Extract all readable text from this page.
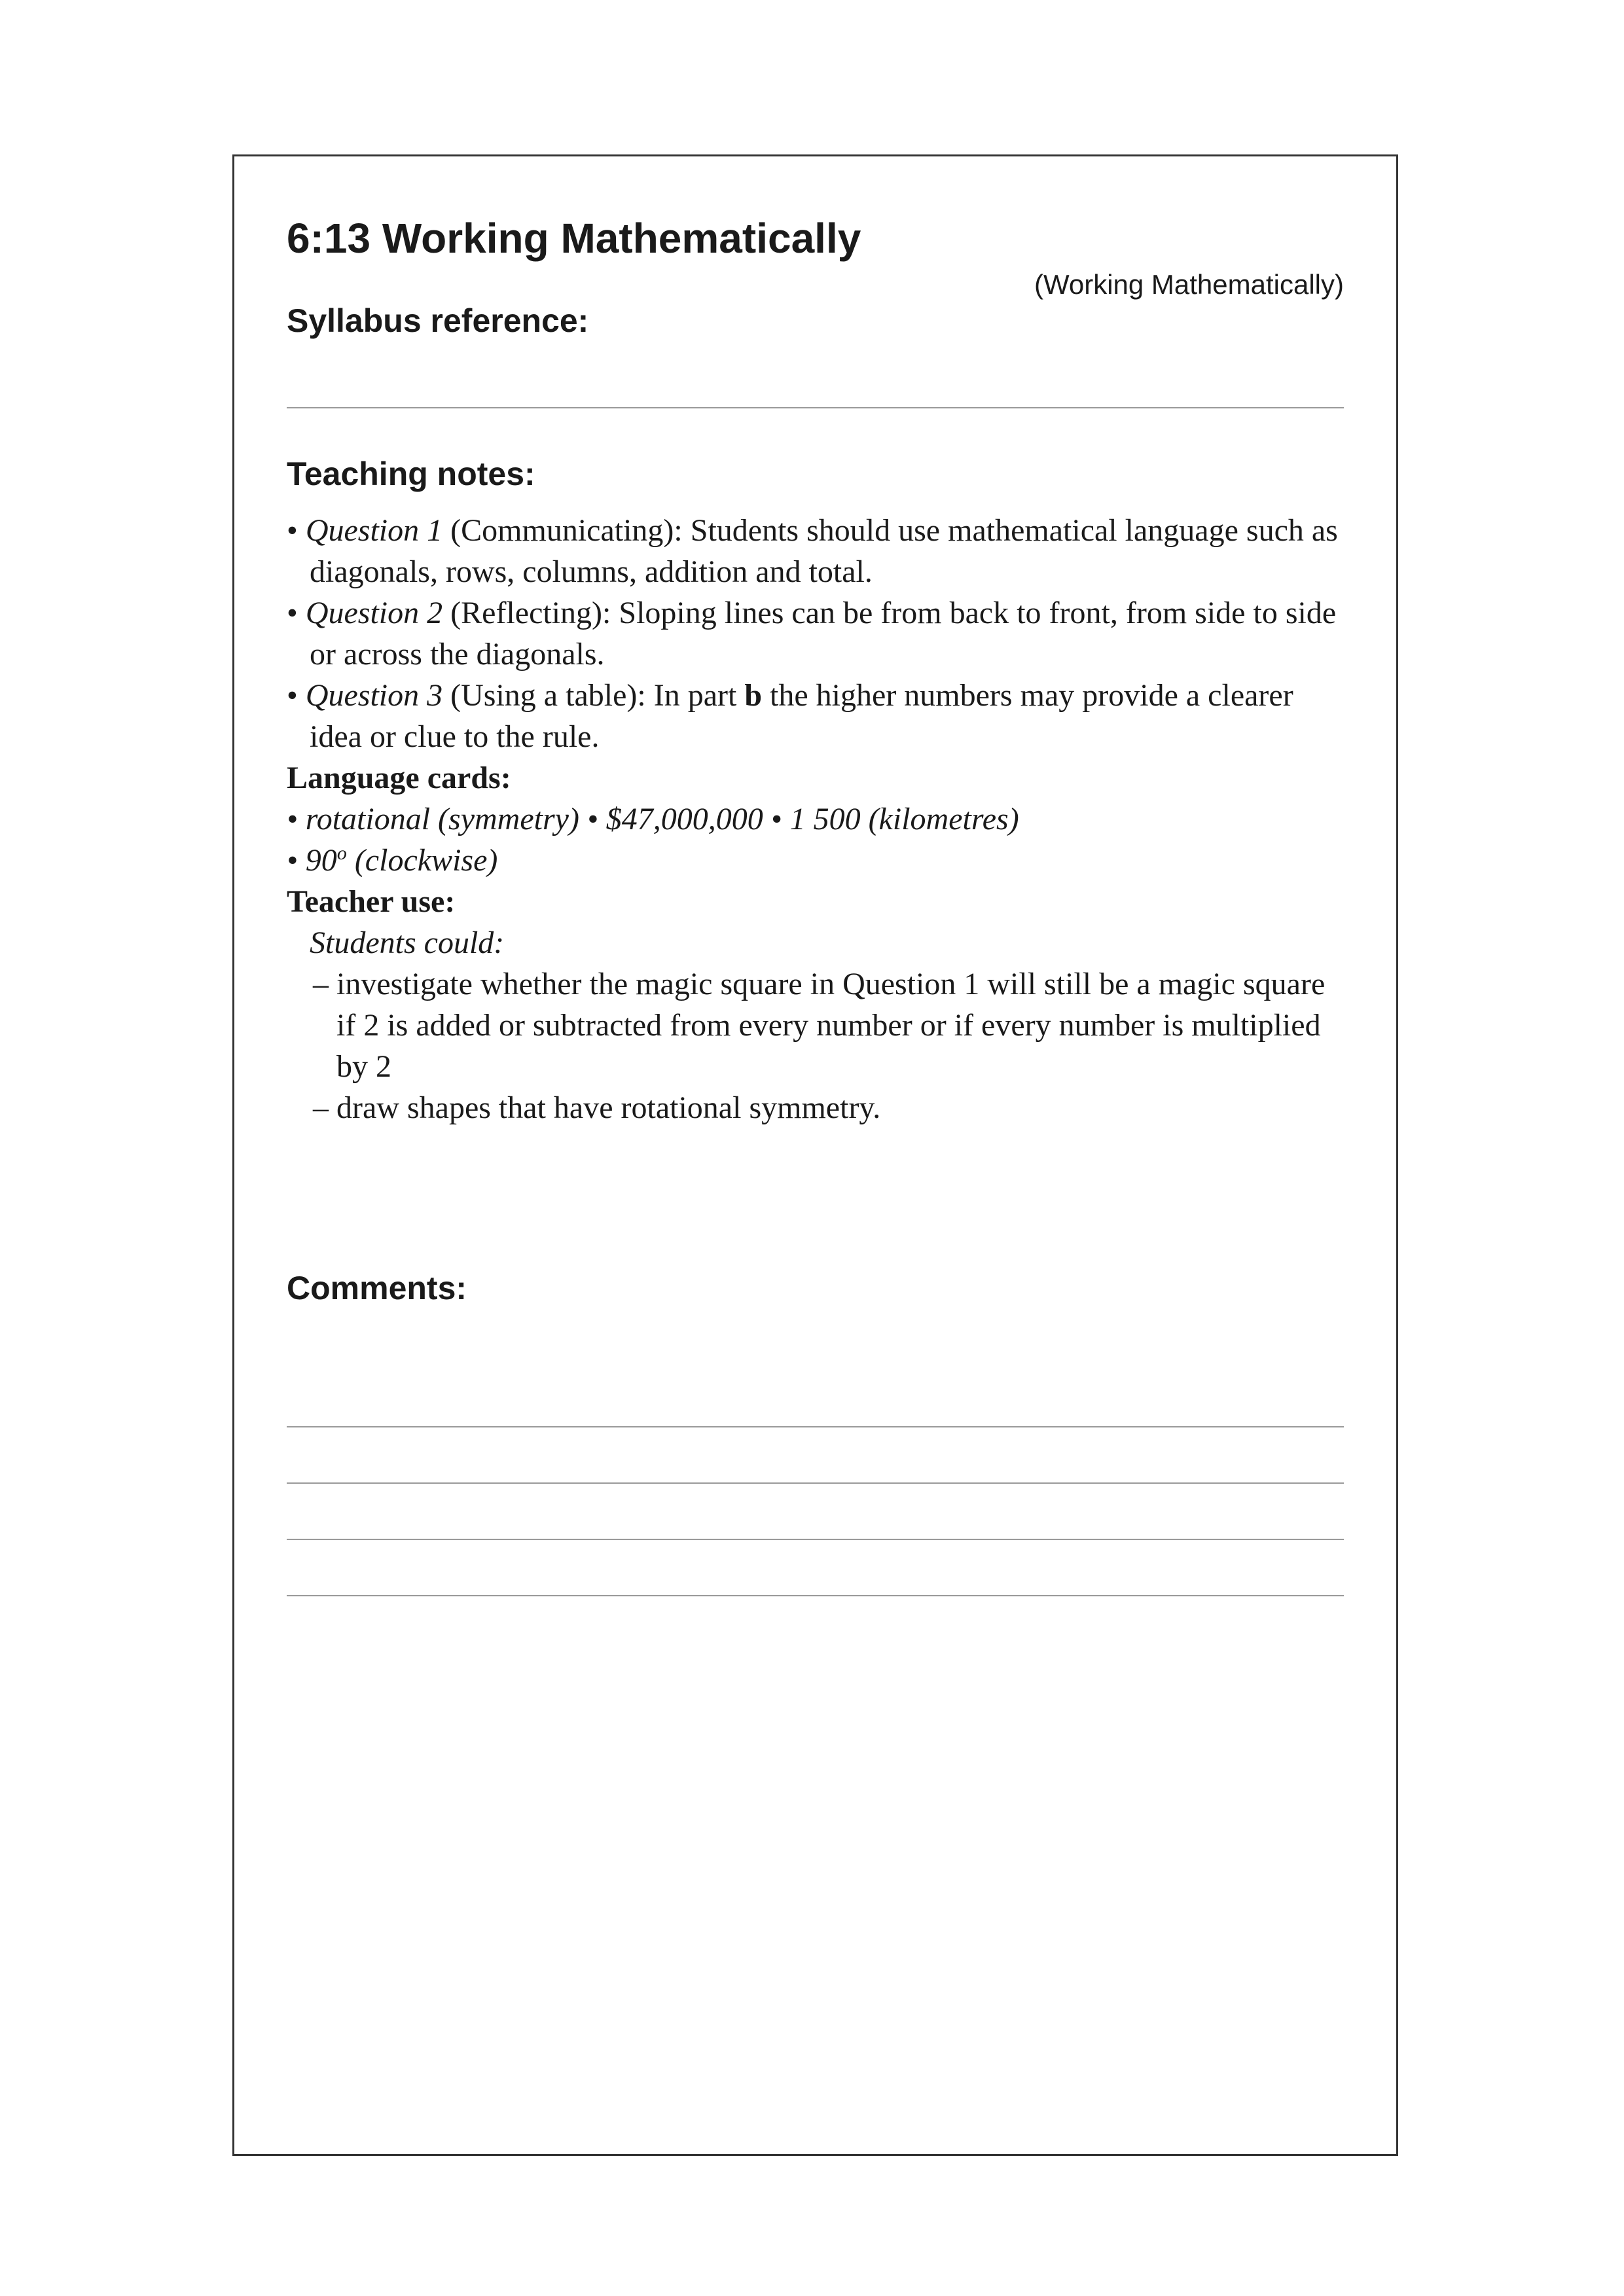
6:13 Working Mathematically
(Working Mathematically)
Syllabus reference:
Teaching notes:

• Question 1 (Communicating): Students should use mathematical language such as diagonals, rows, columns, addition and total.

• Question 2 (Reflecting): Sloping lines can be from back to front, from side to side or across the diagonals.

• Question 3 (Using a table): In part b the higher numbers may provide a clearer idea or clue to the rule.

Language cards:

• rotational (symmetry) • $47,000,000 • 1 500 (kilometres)

• 90$^o$ (clockwise)

Teacher use:

Students could:

– investigate whether the magic square in Question 1 will still be a magic square if 2 is added or subtracted from every number or if every number is multiplied by 2

– draw shapes that have rotational symmetry.

Comments:
